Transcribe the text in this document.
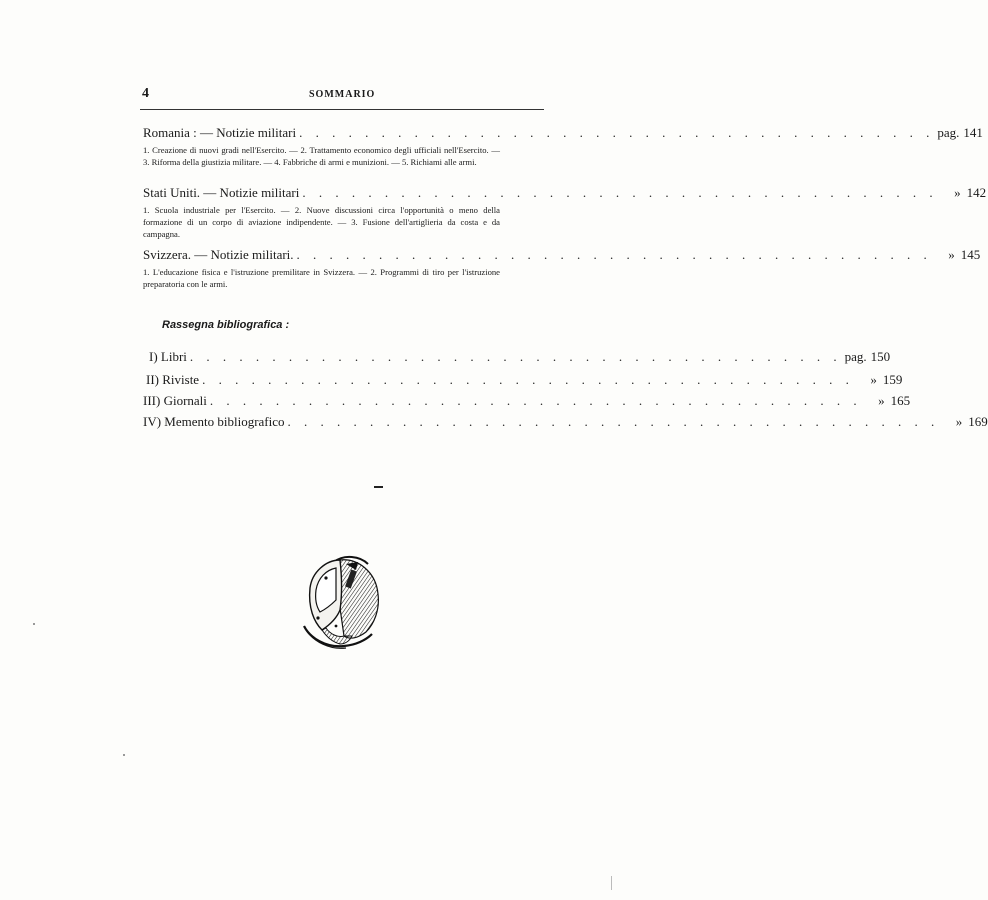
4	SOMMARIO
Romania : — Notizie militari . . . . . . . . . . . . . . . . . . . . . . . . . . . . . . . . . . . . . . . pag. 141
1. Creazione di nuovi gradi nell'Esercito. — 2. Trattamento economico degli ufficiali nell'Esercito. — 3. Riforma della giustizia militare. — 4. Fabbriche di armi e munizioni. — 5. Richiami alle armi.
Stati Uniti. — Notizie militari . . . . . . . . . . . . . . . . . . . . . . . . . . . . . . . . . . . . . . .	» 142
1. Scuola industriale per l'Esercito. — 2. Nuove discussioni circa l'opportunità o meno della formazione di un corpo di aviazione indipendente. — 3. Fusione dell'artiglieria da costa e da campagna.
Svizzera. — Notizie militari. . . . . . . . . . . . . . . . . . . . . . . . . . . . . . . . . . . . . . . .	» 145
1. L'educazione fisica e l'istruzione premilitare in Svizzera. — 2. Programmi di tiro per l'istruzione preparatoria con le armi.
Rassegna bibliografica :
I) Libri . . . . . . . . . . . . . . . . . . . . . . . . . . . . . . . . . . . . . . . . pag. 150
II) Riviste . . . . . . . . . . . . . . . . . . . . . . . . . . . . . . . . . . . . . . . .	» 159
III) Giornali . . . . . . . . . . . . . . . . . . . . . . . . . . . . . . . . . . . . . . . .	» 165
IV) Memento bibliografico . . . . . . . . . . . . . . . . . . . . . . . . . . . . . . . . . . . . . . . .	» 169
